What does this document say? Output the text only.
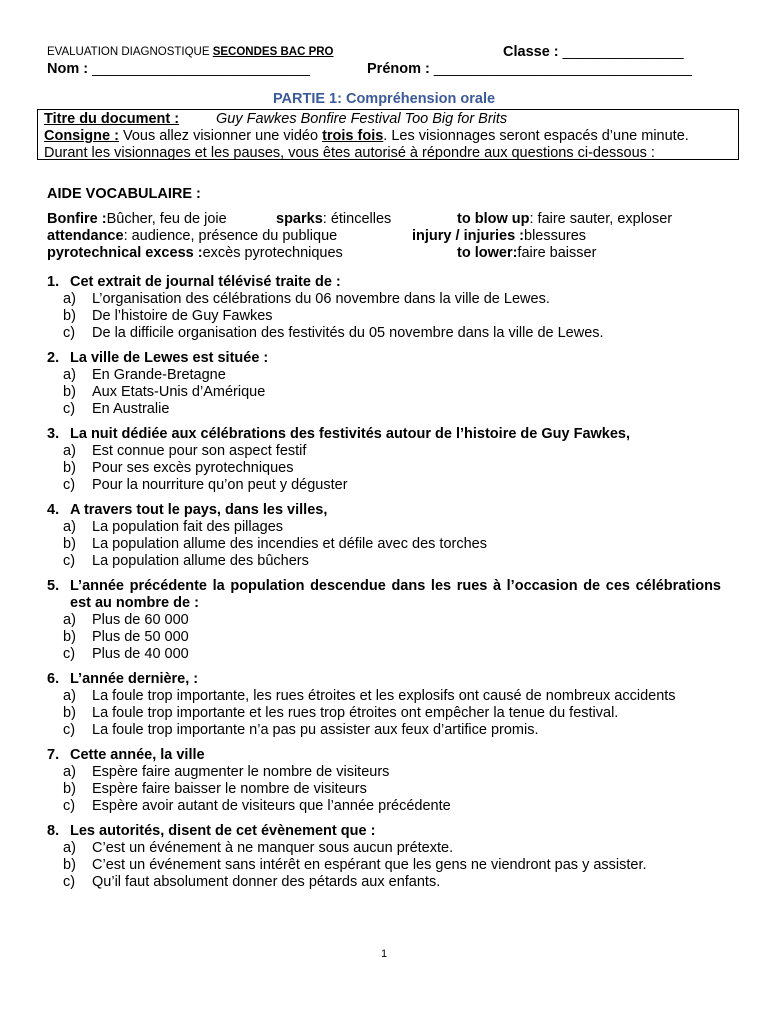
EVALUATION DIAGNOSTIQUE SECONDES BAC PRO	Classe : _______________
Nom : ___________________________	Prénom : ________________________________
PARTIE 1: Compréhension orale
Titre du document :	Guy Fawkes Bonfire Festival Too Big for Brits
Consigne : Vous allez visionner une vidéo trois fois. Les visionnages seront espacés d’une minute.
Durant les visionnages et les pauses, vous êtes autorisé à répondre aux questions ci-dessous :
AIDE VOCABULAIRE :
Bonfire : Bûcher, feu de joie	sparks : étincelles	to blow up : faire sauter, exploser
attendance : audience, présence du publique	injury / injuries : blessures
pyrotechnical excess : excès pyrotechniques	to lower: faire baisser
1. Cet extrait de journal télévisé traite de :
a) L’organisation des célébrations du 06 novembre dans la ville de Lewes.
b) De l’histoire de Guy Fawkes
c) De la difficile organisation des festivités du 05 novembre dans la ville de Lewes.
2. La ville de Lewes est située :
a) En Grande-Bretagne
b) Aux Etats-Unis d’Amérique
c) En Australie
3. La nuit dédiée aux célébrations des festivités autour de l’histoire de Guy Fawkes,
a) Est connue pour son aspect festif
b) Pour ses excès pyrotechniques
c) Pour la nourriture qu’on peut y déguster
4. A travers tout le pays, dans les villes,
a) La population fait des pillages
b) La population allume des incendies et défile avec des torches
c) La population allume des bûchers
5. L’année précédente la population descendue dans les rues à l’occasion de ces célébrations est au nombre de :
a) Plus de 60 000
b) Plus de 50 000
c) Plus de 40 000
6. L’année dernière, :
a) La foule trop importante, les rues étroites et les explosifs ont causé de nombreux accidents
b) La foule trop importante et les rues trop étroites ont empêcher la tenue du festival.
c) La foule trop importante n’a pas pu assister aux feux d’artifice promis.
7. Cette année, la ville
a) Espère faire augmenter le nombre de visiteurs
b) Espère faire baisser le nombre de visiteurs
c) Espère avoir autant de visiteurs que l’année précédente
8. Les autorités, disent de cet évènement que :
a) C’est un événement à ne manquer sous aucun prétexte.
b) C’est un événement sans intérêt en espérant que les gens ne viendront pas y assister.
c) Qu’il faut absolument donner des pétards aux enfants.
1
